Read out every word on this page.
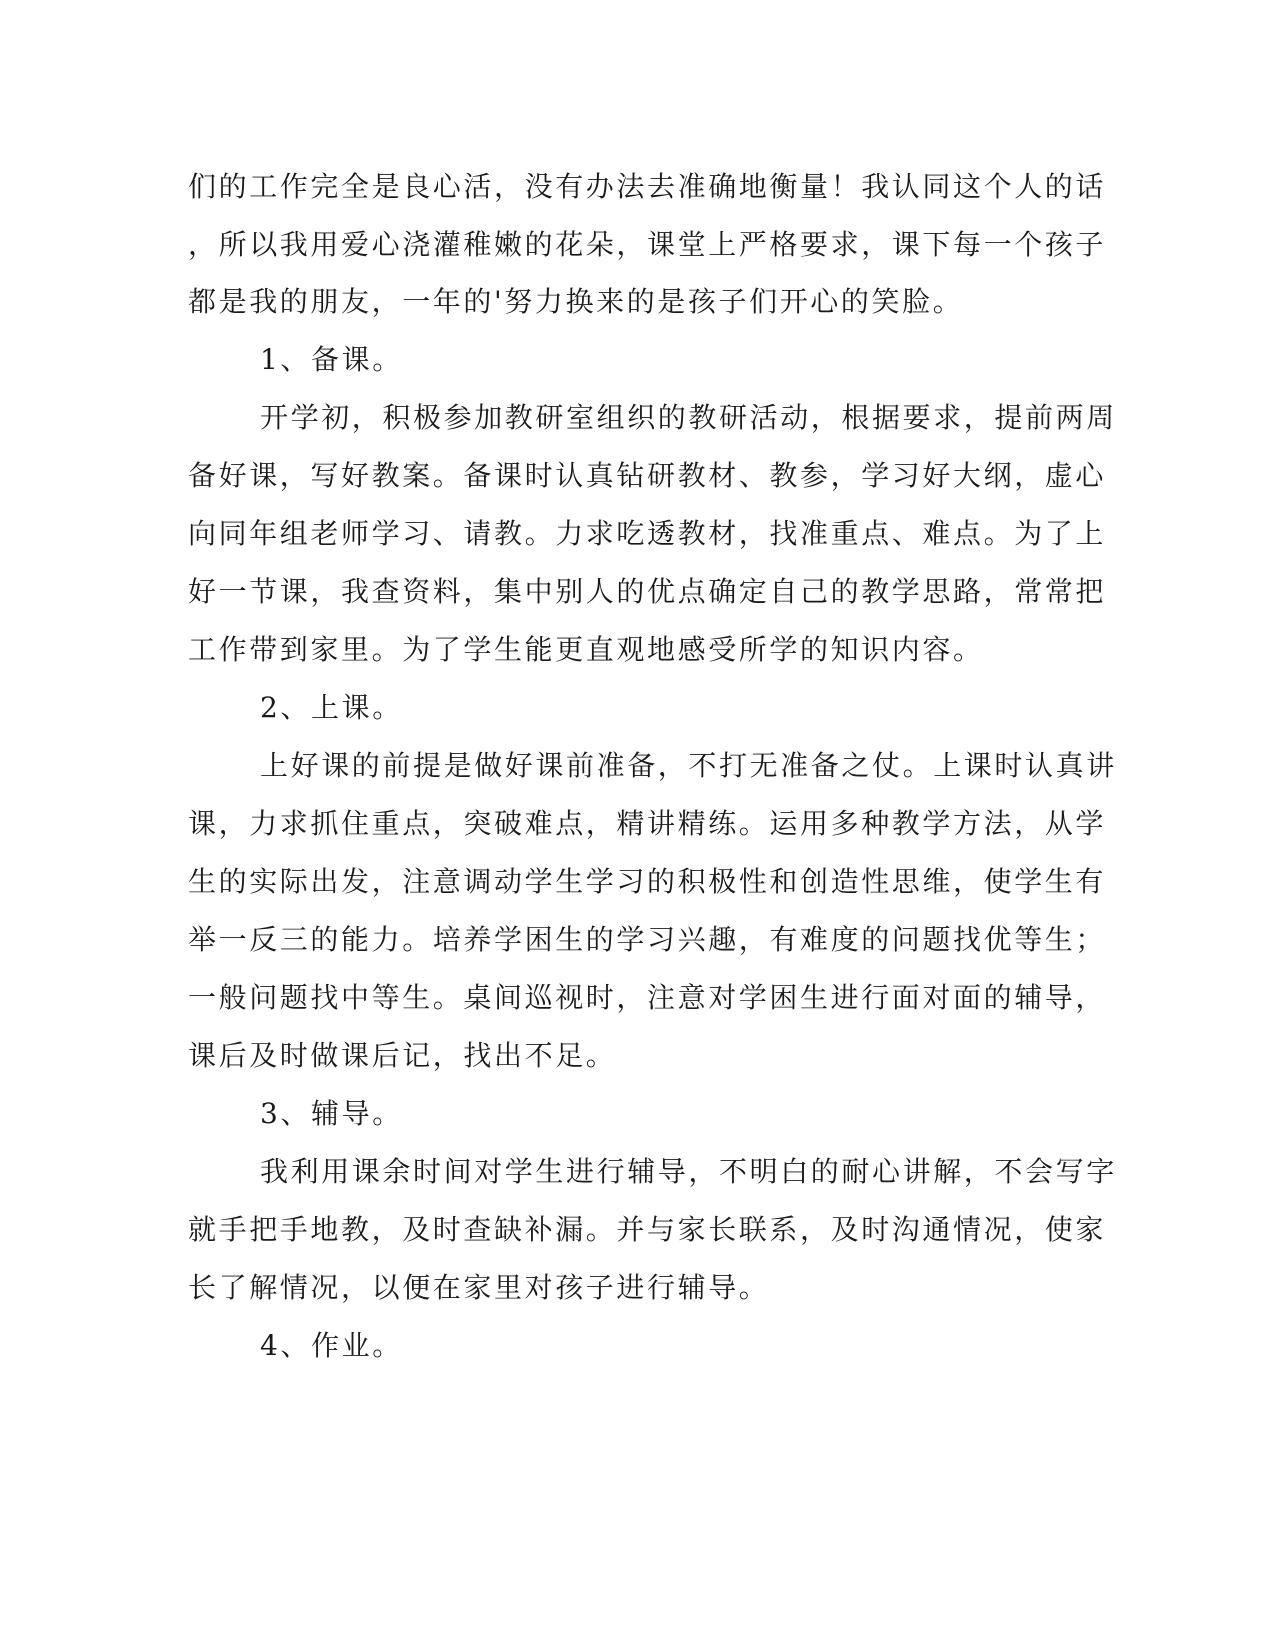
们的工作完全是良心活，没有办法去准确地衡量！我认同这个人的话
，所以我用爱心浇灌稚嫩的花朵，课堂上严格要求，课下每一个孩子
都是我的朋友，一年的'努力换来的是孩子们开心的笑脸。
1、备课。
开学初，积极参加教研室组织的教研活动，根据要求，提前两周
备好课，写好教案。备课时认真钻研教材、教参，学习好大纲，虚心
向同年组老师学习、请教。力求吃透教材，找准重点、难点。为了上
好一节课，我查资料，集中别人的优点确定自己的教学思路，常常把
工作带到家里。为了学生能更直观地感受所学的知识内容。
2、上课。
上好课的前提是做好课前准备，不打无准备之仗。上课时认真讲
课，力求抓住重点，突破难点，精讲精练。运用多种教学方法，从学
生的实际出发，注意调动学生学习的积极性和创造性思维，使学生有
举一反三的能力。培养学困生的学习兴趣，有难度的问题找优等生；
一般问题找中等生。桌间巡视时，注意对学困生进行面对面的辅导，
课后及时做课后记，找出不足。
3、辅导。
我利用课余时间对学生进行辅导，不明白的耐心讲解，不会写字
就手把手地教，及时查缺补漏。并与家长联系，及时沟通情况，使家
长了解情况，以便在家里对孩子进行辅导。
4、作业。
